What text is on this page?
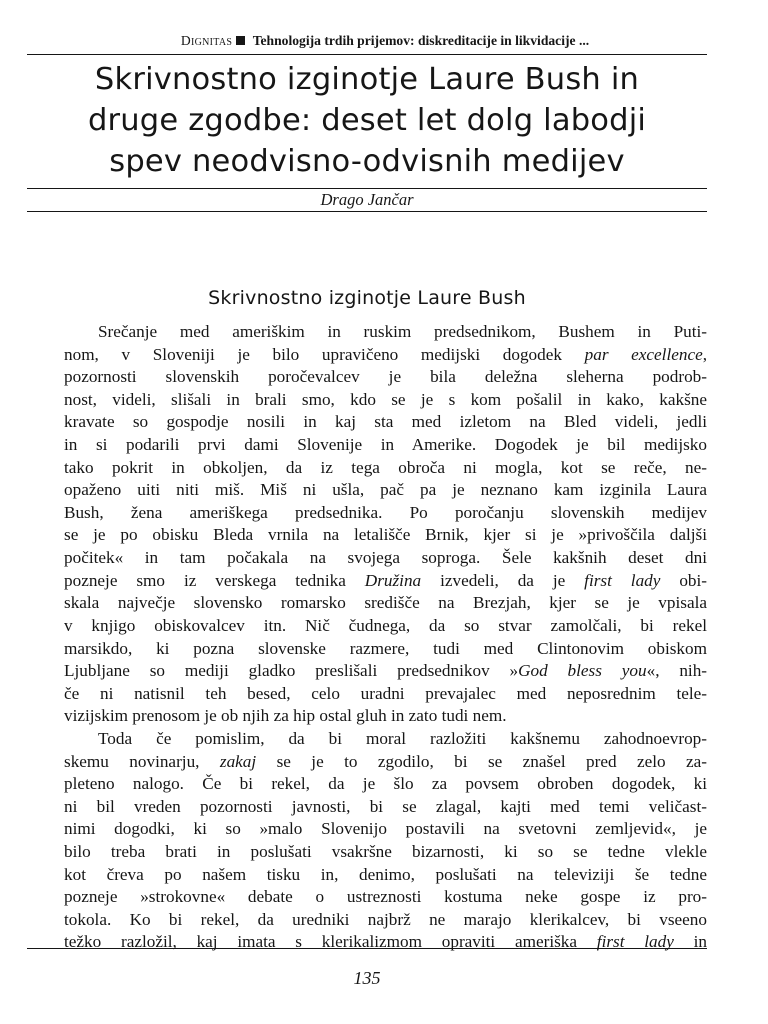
Dignitas Tehnologija trdih prijemov: diskreditacije in likvidacije ...
Skrivnostno izginotje Laure Bush in
druge zgodbe: deset let dolg labodji
spev neodvisno-odvisnih medijev
Drago Jančar
Skrivnostno izginotje Laure Bush

Srečanje med ameriškim in ruskim predsednikom, Bushem in Puti-
nom, v Sloveniji je bilo upravičeno medijski dogodek par excellence,
pozornosti slovenskih poročevalcev je bila deležna sleherna podrob-
nost, videli, slišali in brali smo, kdo se je s kom pošalil in kako, kakšne
kravate so gospodje nosili in kaj sta med izletom na Bled videli, jedli
in si podarili prvi dami Slovenije in Amerike. Dogodek je bil medijsko
tako pokrit in obkoljen, da iz tega obroča ni mogla, kot se reče, ne-
opaženo uiti niti miš. Miš ni ušla, pač pa je neznano kam izginila Laura
Bush, žena ameriškega predsednika. Po poročanju slovenskih medijev
se je po obisku Bleda vrnila na letališče Brnik, kjer si je »privoščila daljši
počitek« in tam počakala na svojega soproga. Šele kakšnih deset dni
pozneje smo iz verskega tednika Družina izvedeli, da je first lady obi-
skala največje slovensko romarsko središče na Brezjah, kjer se je vpisala
v knjigo obiskovalcev itn. Nič čudnega, da so stvar zamolčali, bi rekel
marsikdo, ki pozna slovenske razmere, tudi med Clintonovim obiskom
Ljubljane so mediji gladko preslišali predsednikov »God bless you«, nih-
če ni natisnil teh besed, celo uradni prevajalec med neposrednim tele-
vizijskim prenosom je ob njih za hip ostal gluh in zato tudi nem.

Toda če pomislim, da bi moral razložiti kakšnemu zahodnoevrop-
skemu novinarju, zakaj se je to zgodilo, bi se znašel pred zelo za-
pleteno nalogo. Če bi rekel, da je šlo za povsem obroben dogodek, ki
ni bil vreden pozornosti javnosti, bi se zlagal, kajti med temi veličast-
nimi dogodki, ki so »malo Slovenijo postavili na svetovni zemljevid«, je
bilo treba brati in poslušati vsakršne bizarnosti, ki so se tedne vlekle
kot čreva po našem tisku in, denimo, poslušati na televiziji še tedne
pozneje »strokovne« debate o ustreznosti kostuma neke gospe iz pro-
tokola. Ko bi rekel, da uredniki najbrž ne marajo klerikalcev, bi vseeno
težko razložil, kaj imata s klerikalizmom opraviti ameriška first lady in

135
